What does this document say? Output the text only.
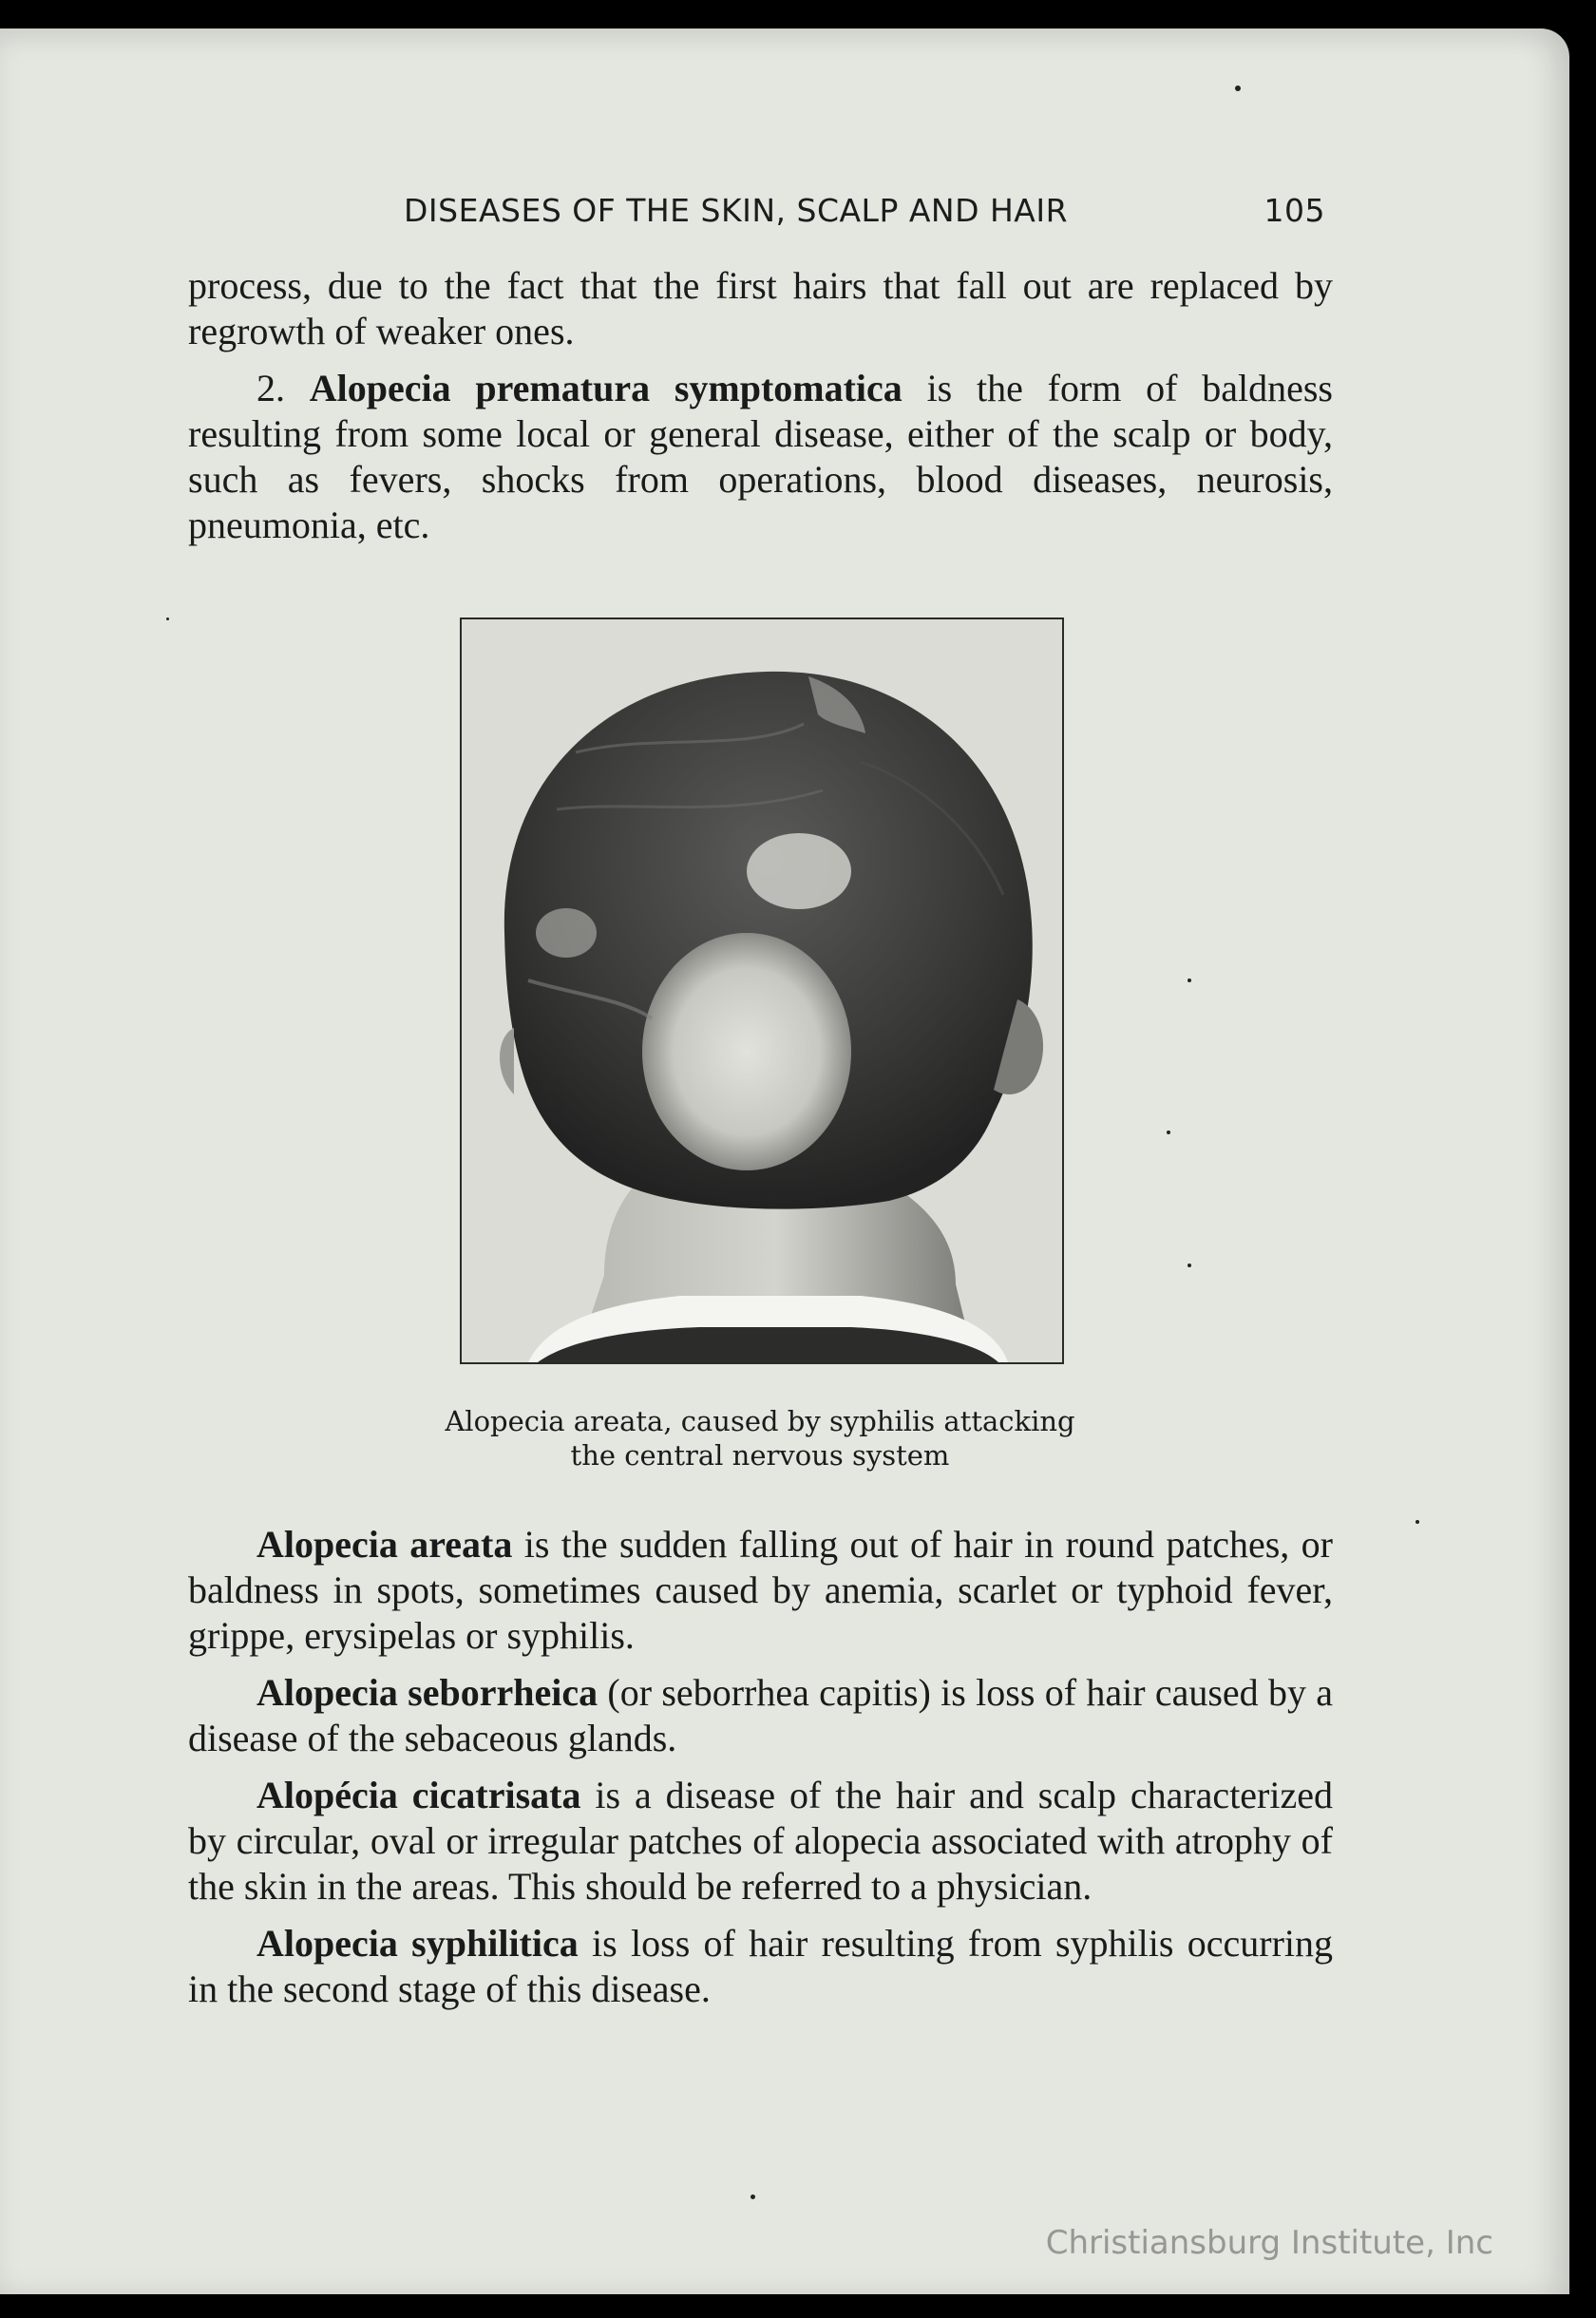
DISEASES OF THE SKIN, SCALP AND HAIR	105

process, due to the fact that the first hairs that fall out are replaced by regrowth of weaker ones.

2. Alopecia prematura symptomatica is the form of baldness resulting from some local or general disease, either of the scalp or body, such as fevers, shocks from operations, blood diseases, neurosis, pneumonia, etc.

Alopecia areata, caused by syphilis attacking
the central nervous system

Alopecia areata is the sudden falling out of hair in round patches, or baldness in spots, sometimes caused by anemia, scarlet or typhoid fever, grippe, erysipelas or syphilis.

Alopecia seborrheica (or seborrhea capitis) is loss of hair caused by a disease of the sebaceous glands.

Alopécia cicatrisata is a disease of the hair and scalp characterized by circular, oval or irregular patches of alopecia associated with atrophy of the skin in the areas. This should be referred to a physician.

Alopecia syphilitica is loss of hair resulting from syphilis occurring in the second stage of this disease.

Christiansburg Institute, Inc
